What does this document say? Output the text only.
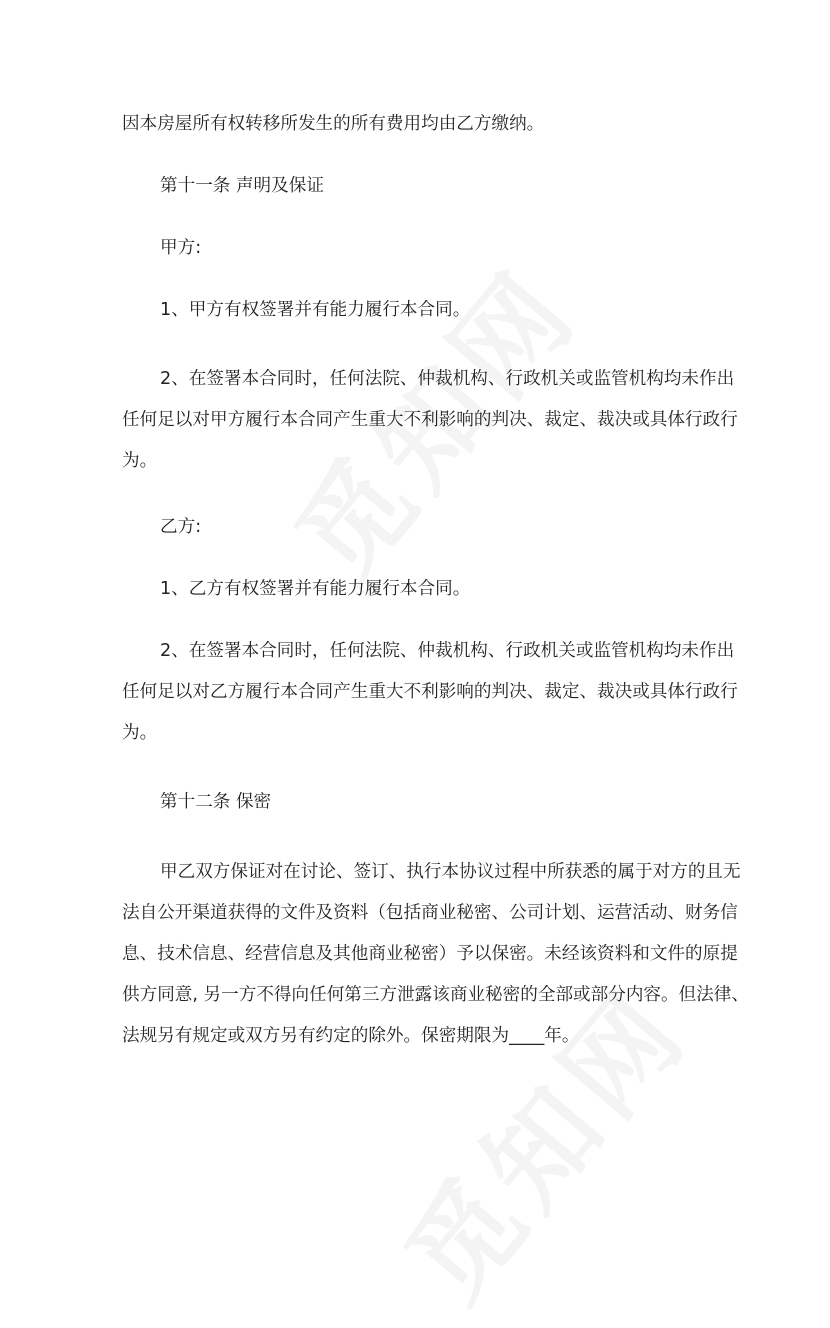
因本房屋所有权转移所发生的所有费用均由乙方缴纳。
第十一条 声明及保证
甲方:
1、甲方有权签署并有能力履行本合同。
2、在签署本合同时，任何法院、仲裁机构、行政机关或监管机构均未作出
任何足以对甲方履行本合同产生重大不利影响的判决、裁定、裁决或具体行政行
为。
乙方:
1、乙方有权签署并有能力履行本合同。
2、在签署本合同时，任何法院、仲裁机构、行政机关或监管机构均未作出
任何足以对乙方履行本合同产生重大不利影响的判决、裁定、裁决或具体行政行
为。
第十二条 保密
甲乙双方保证对在讨论、签订、执行本协议过程中所获悉的属于对方的且无
法自公开渠道获得的文件及资料（包括商业秘密、公司计划、运营活动、财务信
息、技术信息、经营信息及其他商业秘密）予以保密。未经该资料和文件的原提
供方同意, 另一方不得向任何第三方泄露该商业秘密的全部或部分内容。但法律、
法规另有规定或双方另有约定的除外。保密期限为____年。
